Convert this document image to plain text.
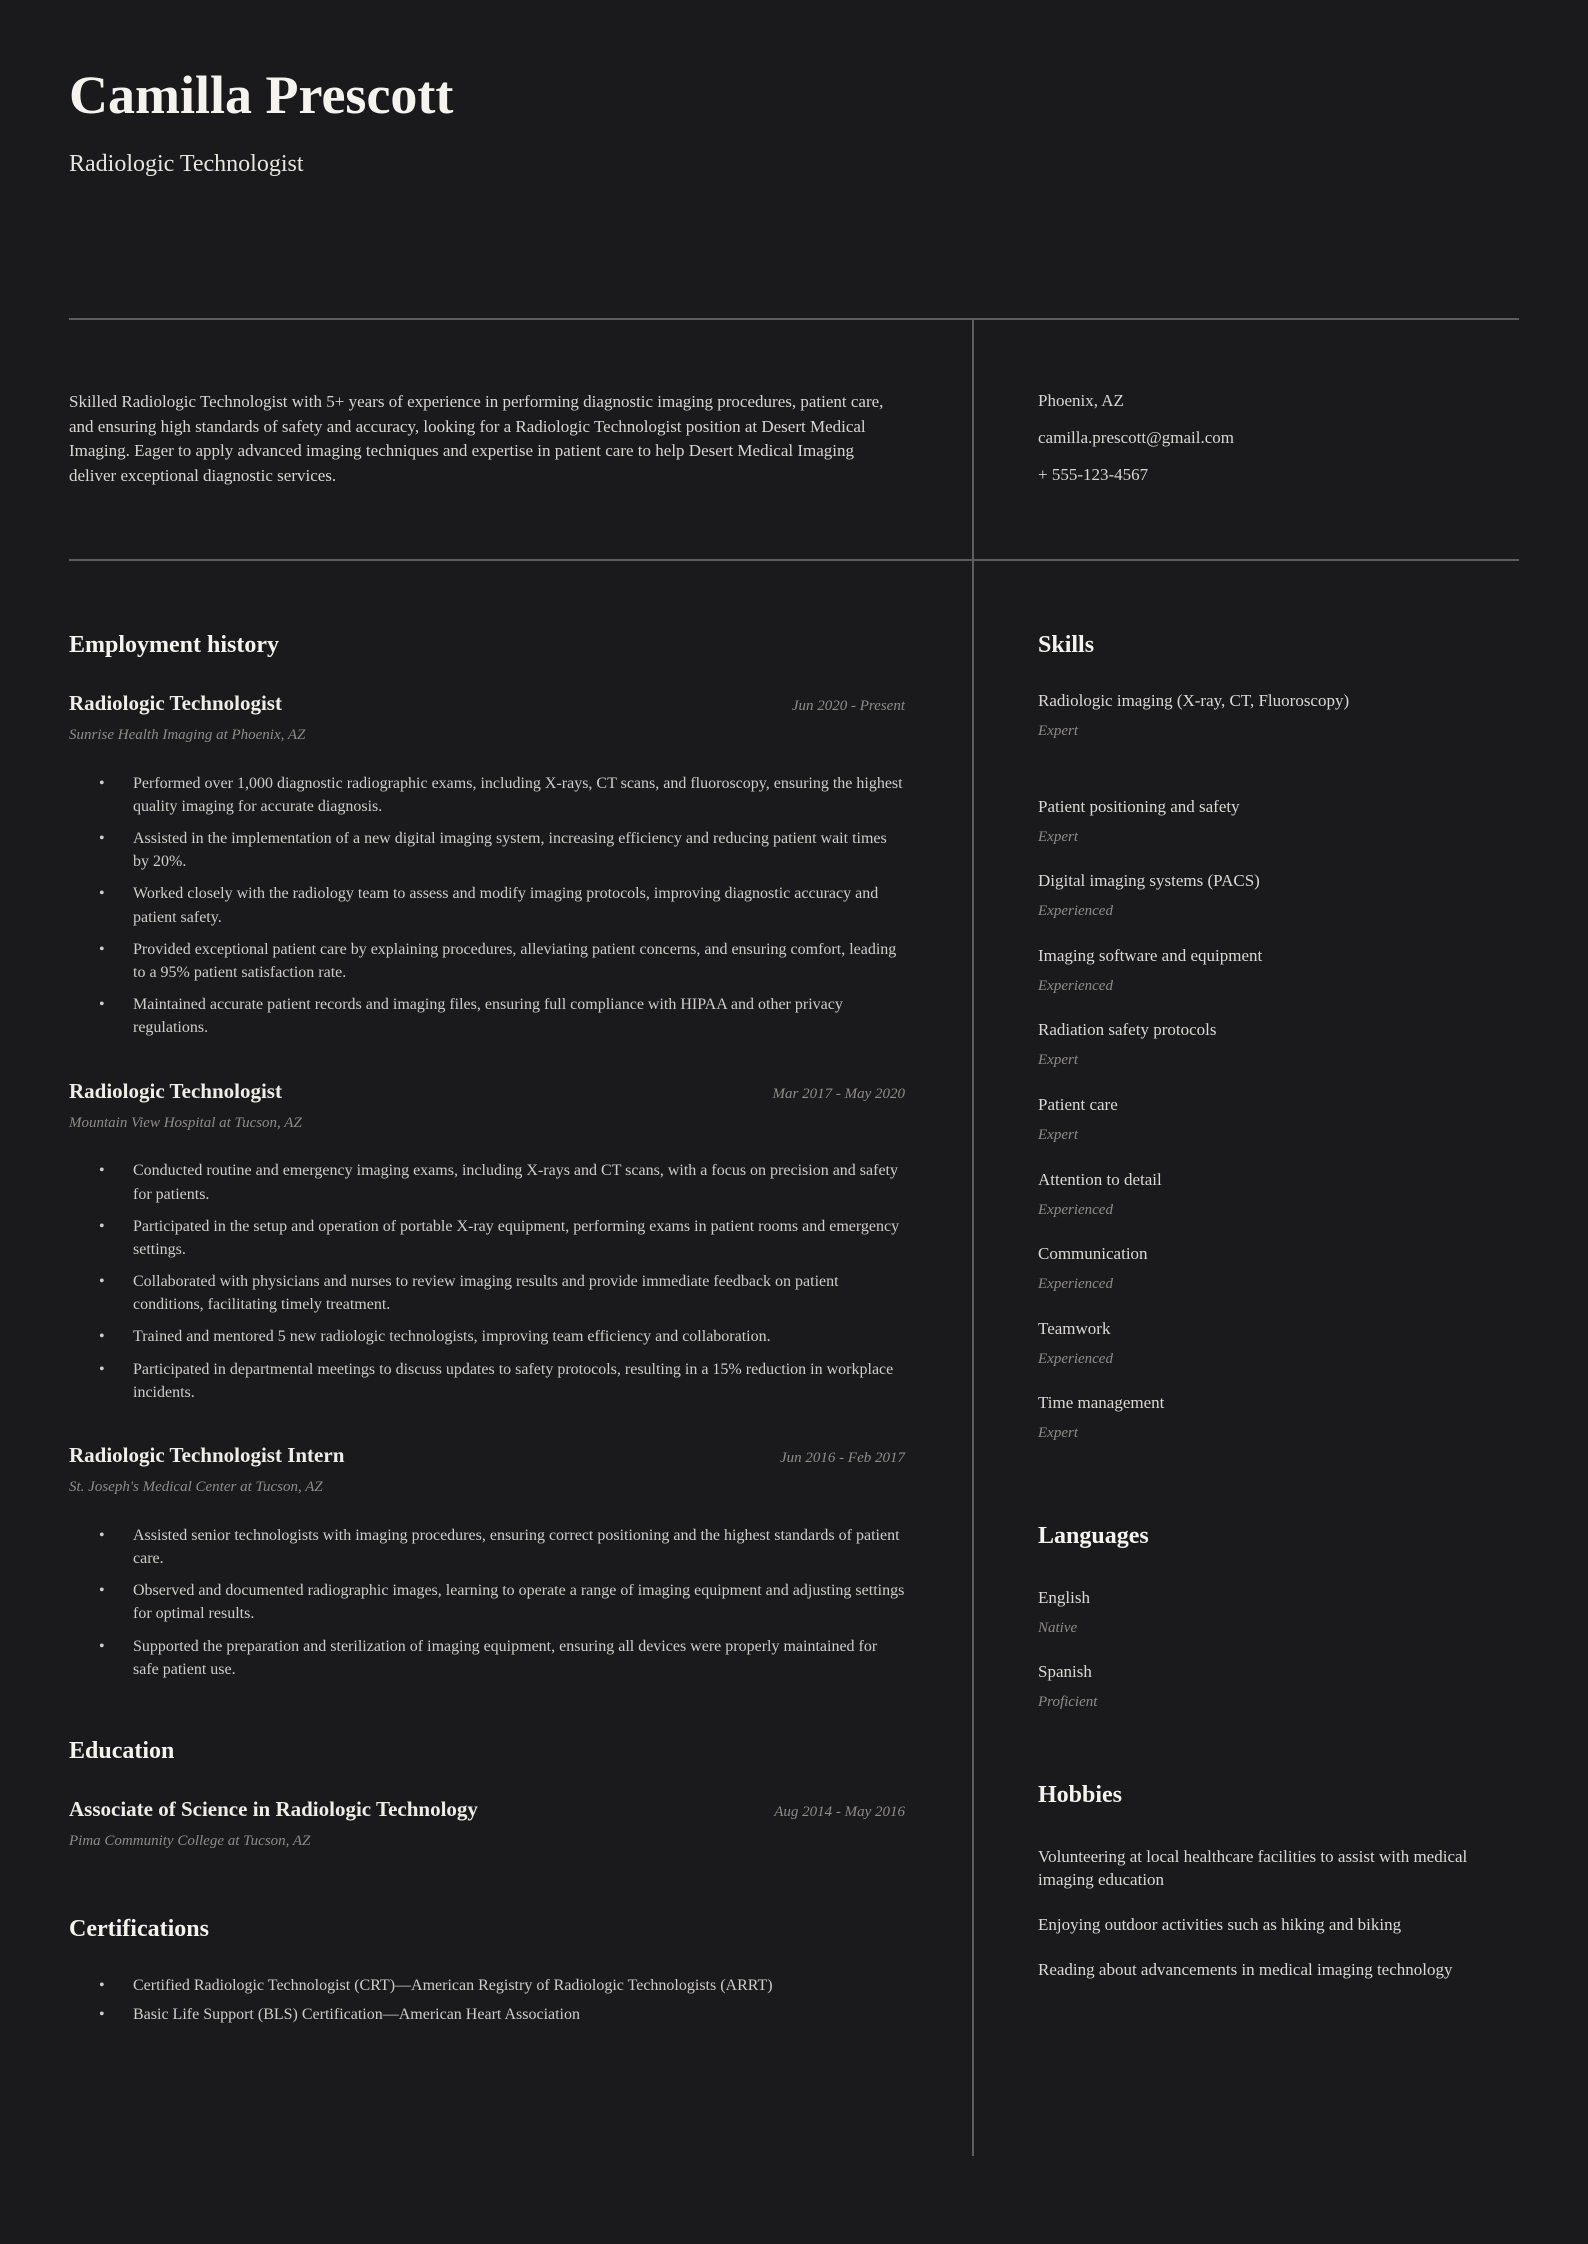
Camilla Prescott
Radiologic Technologist

Skilled Radiologic Technologist with 5+ years of experience in performing diagnostic imaging procedures, patient care, and ensuring high standards of safety and accuracy, looking for a Radiologic Technologist position at Desert Medical Imaging. Eager to apply advanced imaging techniques and expertise in patient care to help Desert Medical Imaging deliver exceptional diagnostic services.

Phoenix, AZ
camilla.prescott@gmail.com
+ 555-123-4567
Employment history
Radiologic Technologist	Jun 2020 - Present
Sunrise Health Imaging at Phoenix, AZ
• Performed over 1,000 diagnostic radiographic exams, including X-rays, CT scans, and fluoroscopy, ensuring the highest quality imaging for accurate diagnosis.
• Assisted in the implementation of a new digital imaging system, increasing efficiency and reducing patient wait times by 20%.
• Worked closely with the radiology team to assess and modify imaging protocols, improving diagnostic accuracy and patient safety.
• Provided exceptional patient care by explaining procedures, alleviating patient concerns, and ensuring comfort, leading to a 95% patient satisfaction rate.
• Maintained accurate patient records and imaging files, ensuring full compliance with HIPAA and other privacy regulations.
Radiologic Technologist	Mar 2017 - May 2020
Mountain View Hospital at Tucson, AZ
• Conducted routine and emergency imaging exams, including X-rays and CT scans, with a focus on precision and safety for patients.
• Participated in the setup and operation of portable X-ray equipment, performing exams in patient rooms and emergency settings.
• Collaborated with physicians and nurses to review imaging results and provide immediate feedback on patient conditions, facilitating timely treatment.
• Trained and mentored 5 new radiologic technologists, improving team efficiency and collaboration.
• Participated in departmental meetings to discuss updates to safety protocols, resulting in a 15% reduction in workplace incidents.
Radiologic Technologist Intern	Jun 2016 - Feb 2017
St. Joseph's Medical Center at Tucson, AZ
• Assisted senior technologists with imaging procedures, ensuring correct positioning and the highest standards of patient care.
• Observed and documented radiographic images, learning to operate a range of imaging equipment and adjusting settings for optimal results.
• Supported the preparation and sterilization of imaging equipment, ensuring all devices were properly maintained for safe patient use.
Education
Associate of Science in Radiologic Technology	Aug 2014 - May 2016
Pima Community College at Tucson, AZ
Certifications
• Certified Radiologic Technologist (CRT)—American Registry of Radiologic Technologists (ARRT)
• Basic Life Support (BLS) Certification—American Heart Association
Skills
Radiologic imaging (X-ray, CT, Fluoroscopy)
Expert
Patient positioning and safety
Expert
Digital imaging systems (PACS)
Experienced
Imaging software and equipment
Experienced
Radiation safety protocols
Expert
Patient care
Expert
Attention to detail
Experienced
Communication
Experienced
Teamwork
Experienced
Time management
Expert
Languages
English
Native
Spanish
Proficient
Hobbies
Volunteering at local healthcare facilities to assist with medical imaging education
Enjoying outdoor activities such as hiking and biking
Reading about advancements in medical imaging technology
